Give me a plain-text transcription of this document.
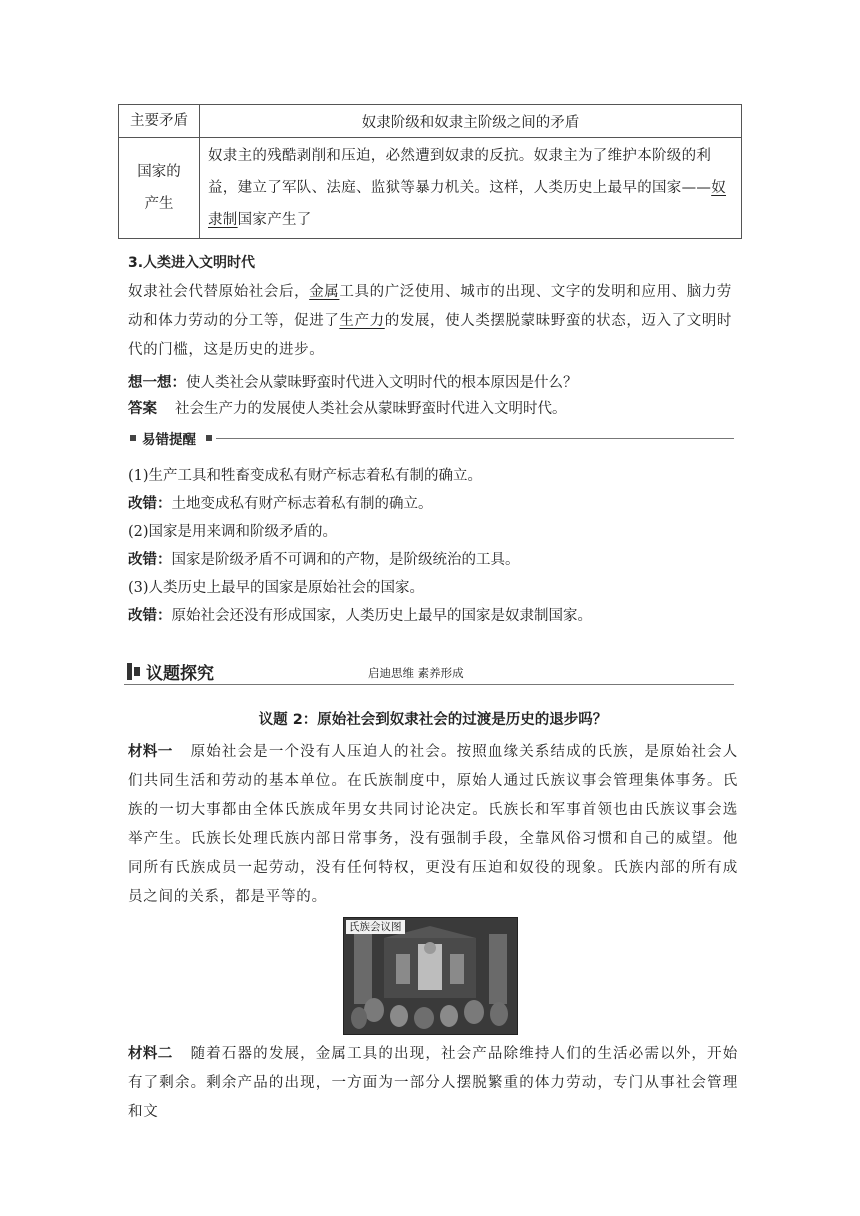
主要矛盾	奴隶阶级和奴隶主阶级之间的矛盾

国家的
产生	奴隶主的残酷剥削和压迫，必然遭到奴隶的反抗。奴隶主为了维护本阶级的利益，建立了军队、法庭、监狱等暴力机关。这样，人类历史上最早的国家——奴隶制国家产生了
3.人类进入文明时代
奴隶社会代替原始社会后，金属工具的广泛使用、城市的出现、文字的发明和应用、脑力劳动和体力劳动的分工等，促进了生产力的发展，使人类摆脱蒙昧野蛮的状态，迈入了文明时代的门槛，这是历史的进步。
想一想：使人类社会从蒙昧野蛮时代进入文明时代的根本原因是什么？
答案 社会生产力的发展使人类社会从蒙昧野蛮时代进入文明时代。
易错提醒
(1)生产工具和牲畜变成私有财产标志着私有制的确立。
改错：土地变成私有财产标志着私有制的确立。
(2)国家是用来调和阶级矛盾的。
改错：国家是阶级矛盾不可调和的产物，是阶级统治的工具。
(3)人类历史上最早的国家是原始社会的国家。
改错：原始社会还没有形成国家，人类历史上最早的国家是奴隶制国家。
议题探究	启迪思维 素养形成
议题 2：原始社会到奴隶社会的过渡是历史的退步吗？
材料一 原始社会是一个没有人压迫人的社会。按照血缘关系结成的氏族，是原始社会人们共同生活和劳动的基本单位。在氏族制度中，原始人通过氏族议事会管理集体事务。氏族的一切大事都由全体氏族成年男女共同讨论决定。氏族长和军事首领也由氏族议事会选举产生。氏族长处理氏族内部日常事务，没有强制手段，全靠风俗习惯和自己的威望。他同所有氏族成员一起劳动，没有任何特权，更没有压迫和奴役的现象。氏族内部的所有成员之间的关系，都是平等的。
氏族会议图
材料二 随着石器的发展，金属工具的出现，社会产品除维持人们的生活必需以外，开始有了剩余。剩余产品的出现，一方面为一部分人摆脱繁重的体力劳动，专门从事社会管理和文
